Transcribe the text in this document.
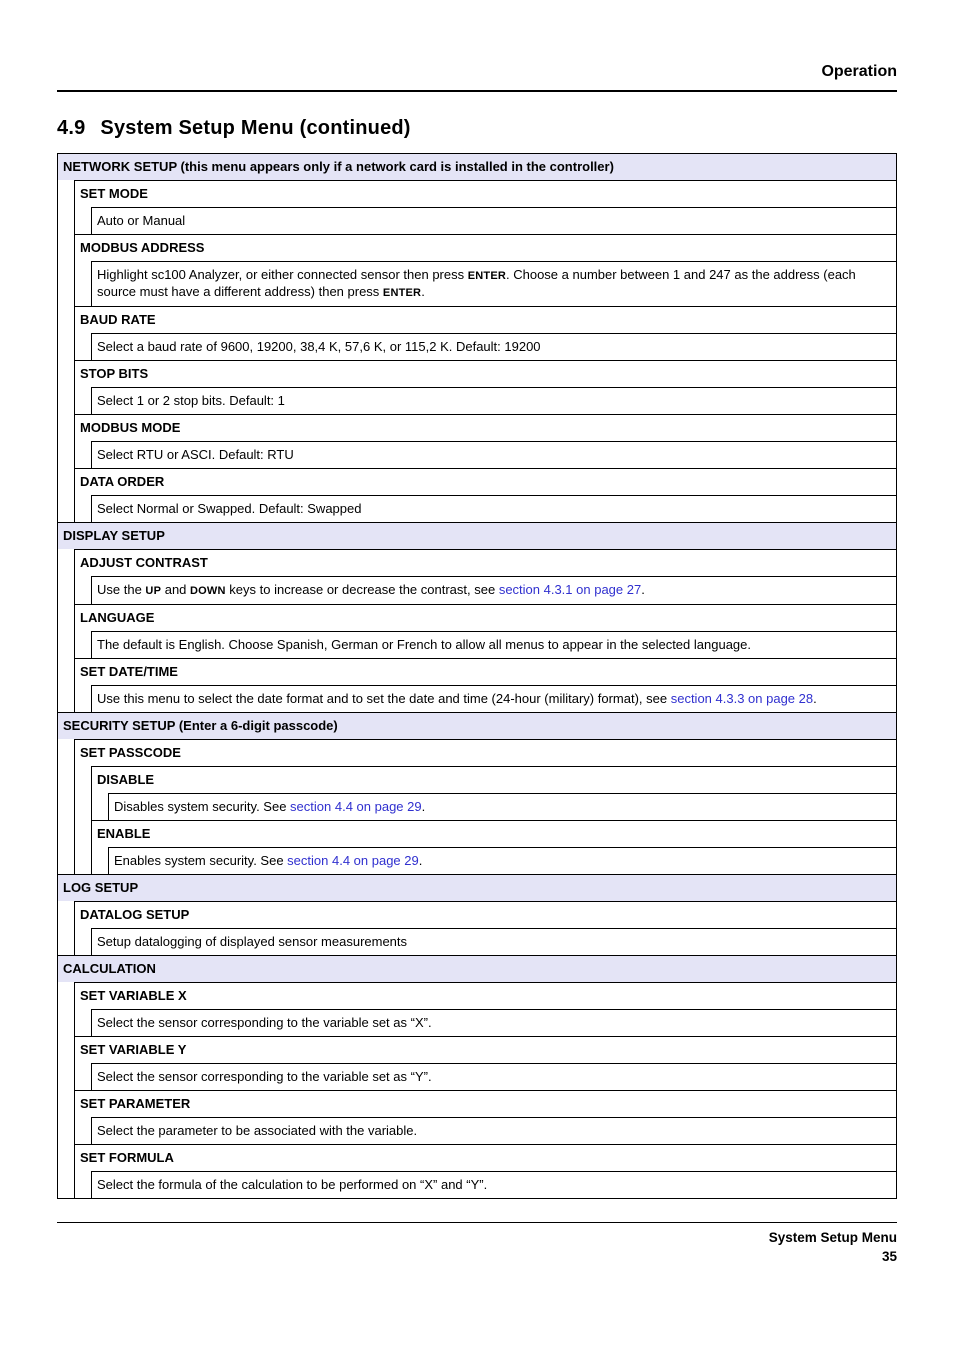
Operation
4.9 System Setup Menu (continued)
NETWORK SETUP (this menu appears only if a network card is installed in the controller)
SET MODE
Auto or Manual
MODBUS ADDRESS
Highlight sc100 Analyzer, or either connected sensor then press ENTER. Choose a number between 1 and 247 as the address (each source must have a different address) then press ENTER.
BAUD RATE
Select a baud rate of 9600, 19200, 38,4 K, 57,6 K, or 115,2 K. Default: 19200
STOP BITS
Select 1 or 2 stop bits. Default: 1
MODBUS MODE
Select RTU or ASCI. Default: RTU
DATA ORDER
Select Normal or Swapped. Default: Swapped
DISPLAY SETUP
ADJUST CONTRAST
Use the UP and DOWN keys to increase or decrease the contrast, see section 4.3.1 on page 27.
LANGUAGE
The default is English. Choose Spanish, German or French to allow all menus to appear in the selected language.
SET DATE/TIME
Use this menu to select the date format and to set the date and time (24-hour (military) format), see section 4.3.3 on page 28.
SECURITY SETUP (Enter a 6-digit passcode)
SET PASSCODE
DISABLE
Disables system security. See section 4.4 on page 29.
ENABLE
Enables system security. See section 4.4 on page 29.
LOG SETUP
DATALOG SETUP
Setup datalogging of displayed sensor measurements
CALCULATION
SET VARIABLE X
Select the sensor corresponding to the variable set as “X”.
SET VARIABLE Y
Select the sensor corresponding to the variable set as “Y”.
SET PARAMETER
Select the parameter to be associated with the variable.
SET FORMULA
Select the formula of the calculation to be performed on “X” and “Y”.
System Setup Menu
35
